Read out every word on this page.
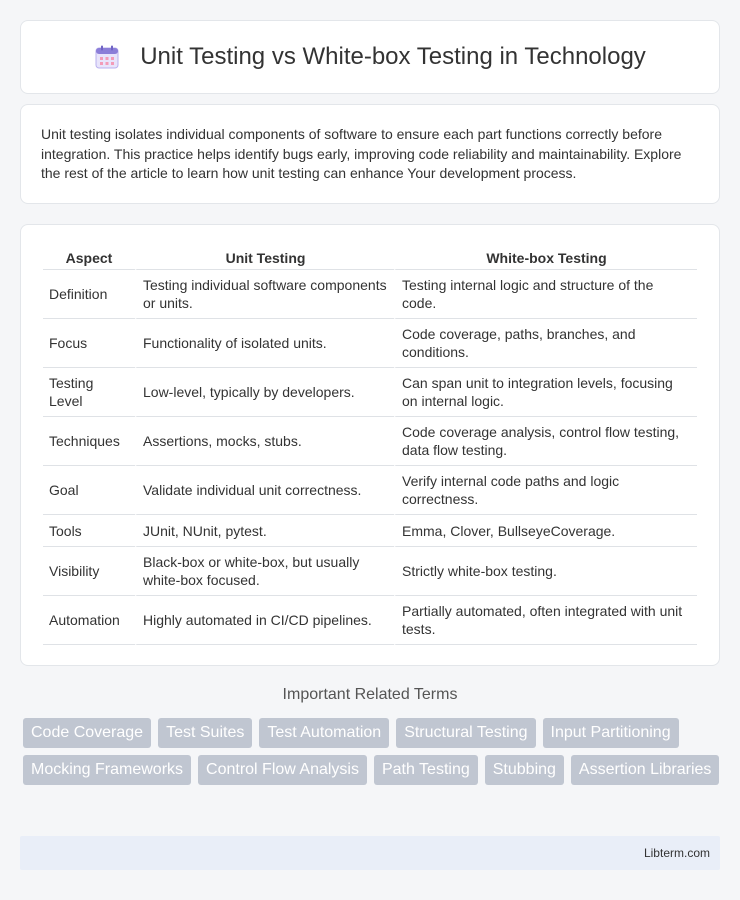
Unit Testing vs White-box Testing in Technology

Unit testing isolates individual components of software to ensure each part functions correctly before integration. This practice helps identify bugs early, improving code reliability and maintainability. Explore the rest of the article to learn how unit testing can enhance Your development process.

Aspect	Unit Testing	White-box Testing
Definition	Testing individual software components or units.	Testing internal logic and structure of the code.
Focus	Functionality of isolated units.	Code coverage, paths, branches, and conditions.
Testing Level	Low-level, typically by developers.	Can span unit to integration levels, focusing on internal logic.
Techniques	Assertions, mocks, stubs.	Code coverage analysis, control flow testing, data flow testing.
Goal	Validate individual unit correctness.	Verify internal code paths and logic correctness.
Tools	JUnit, NUnit, pytest.	Emma, Clover, BullseyeCoverage.
Visibility	Black-box or white-box, but usually white-box focused.	Strictly white-box testing.
Automation	Highly automated in CI/CD pipelines.	Partially automated, often integrated with unit tests.
Important Related Terms
Code Coverage	Test Suites	Test Automation	Structural Testing	Input Partitioning
Mocking Frameworks	Control Flow Analysis	Path Testing	Stubbing	Assertion Libraries
Libterm.com
